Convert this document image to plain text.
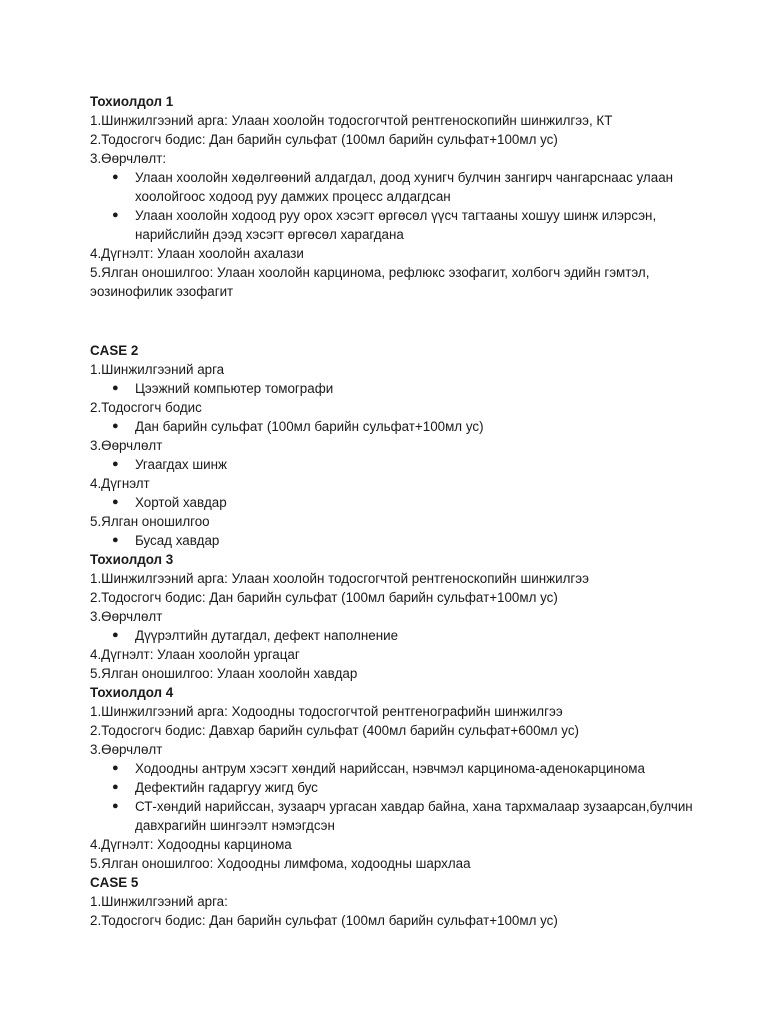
Тохиолдол 1
1.Шинжилгээний арга: Улаан хоолойн тодосгогчтой рентгеноскопийн шинжилгээ, КТ
2.Тодосгогч бодис: Дан барийн сульфат (100мл барийн сульфат+100мл ус)
3.Өөрчлөлт:
● Улаан хоолойн хөдөлгөөний алдагдал, доод хунигч булчин зангирч чангарснаас улаан хоолойгоос ходоод руу дамжих процесс алдагдсан
● Улаан хоолойн ходоод руу орох хэсэгт өргөсөл үүсч тагтааны хошуу шинж илэрсэн, нарийслийн дээд хэсэгт өргөсөл харагдана
4.Дүгнэлт: Улаан хоолойн ахалази
5.Ялган оношилгоо: Улаан хоолойн карцинома, рефлюкс эзофагит, холбогч эдийн гэмтэл, эозинофилик эзофагит
CASE 2
1.Шинжилгээний арга
● Цээжний компьютер томографи
2.Тодосгогч бодис
● Дан барийн сульфат (100мл барийн сульфат+100мл ус)
3.Өөрчлөлт
● Угаагдах шинж
4.Дүгнэлт
● Хортой хавдар
5.Ялган оношилгоо
● Бусад хавдар
Тохиолдол 3
1.Шинжилгээний арга: Улаан хоолойн тодосгогчтой рентгеноскопийн шинжилгээ
2.Тодосгогч бодис: Дан барийн сульфат (100мл барийн сульфат+100мл ус)
3.Өөрчлөлт
● Дүүрэлтийн дутагдал, дефект наполнение
4.Дүгнэлт: Улаан хоолойн ургацаг
5.Ялган оношилгоо: Улаан хоолойн хавдар
Тохиолдол 4
1.Шинжилгээний арга: Ходоодны тодосгогчтой рентгенографийн шинжилгээ
2.Тодосгогч бодис: Давхар барийн сульфат (400мл барийн сульфат+600мл ус)
3.Өөрчлөлт
● Ходоодны антрум хэсэгт хөндий нарийссан, нэвчмэл карцинома-аденокарцинома
● Дефектийн гадаргуу жигд бус
● СТ-хөндий нарийссан, зузаарч ургасан хавдар байна, хана тархмалаар зузаарсан,булчин давхрагийн шингээлт нэмэгдсэн
4.Дүгнэлт: Ходоодны карцинома
5.Ялган оношилгоо: Ходоодны лимфома, ходоодны шархлаа
CASE 5
1.Шинжилгээний арга:
2.Тодосгогч бодис: Дан барийн сульфат (100мл барийн сульфат+100мл ус)
